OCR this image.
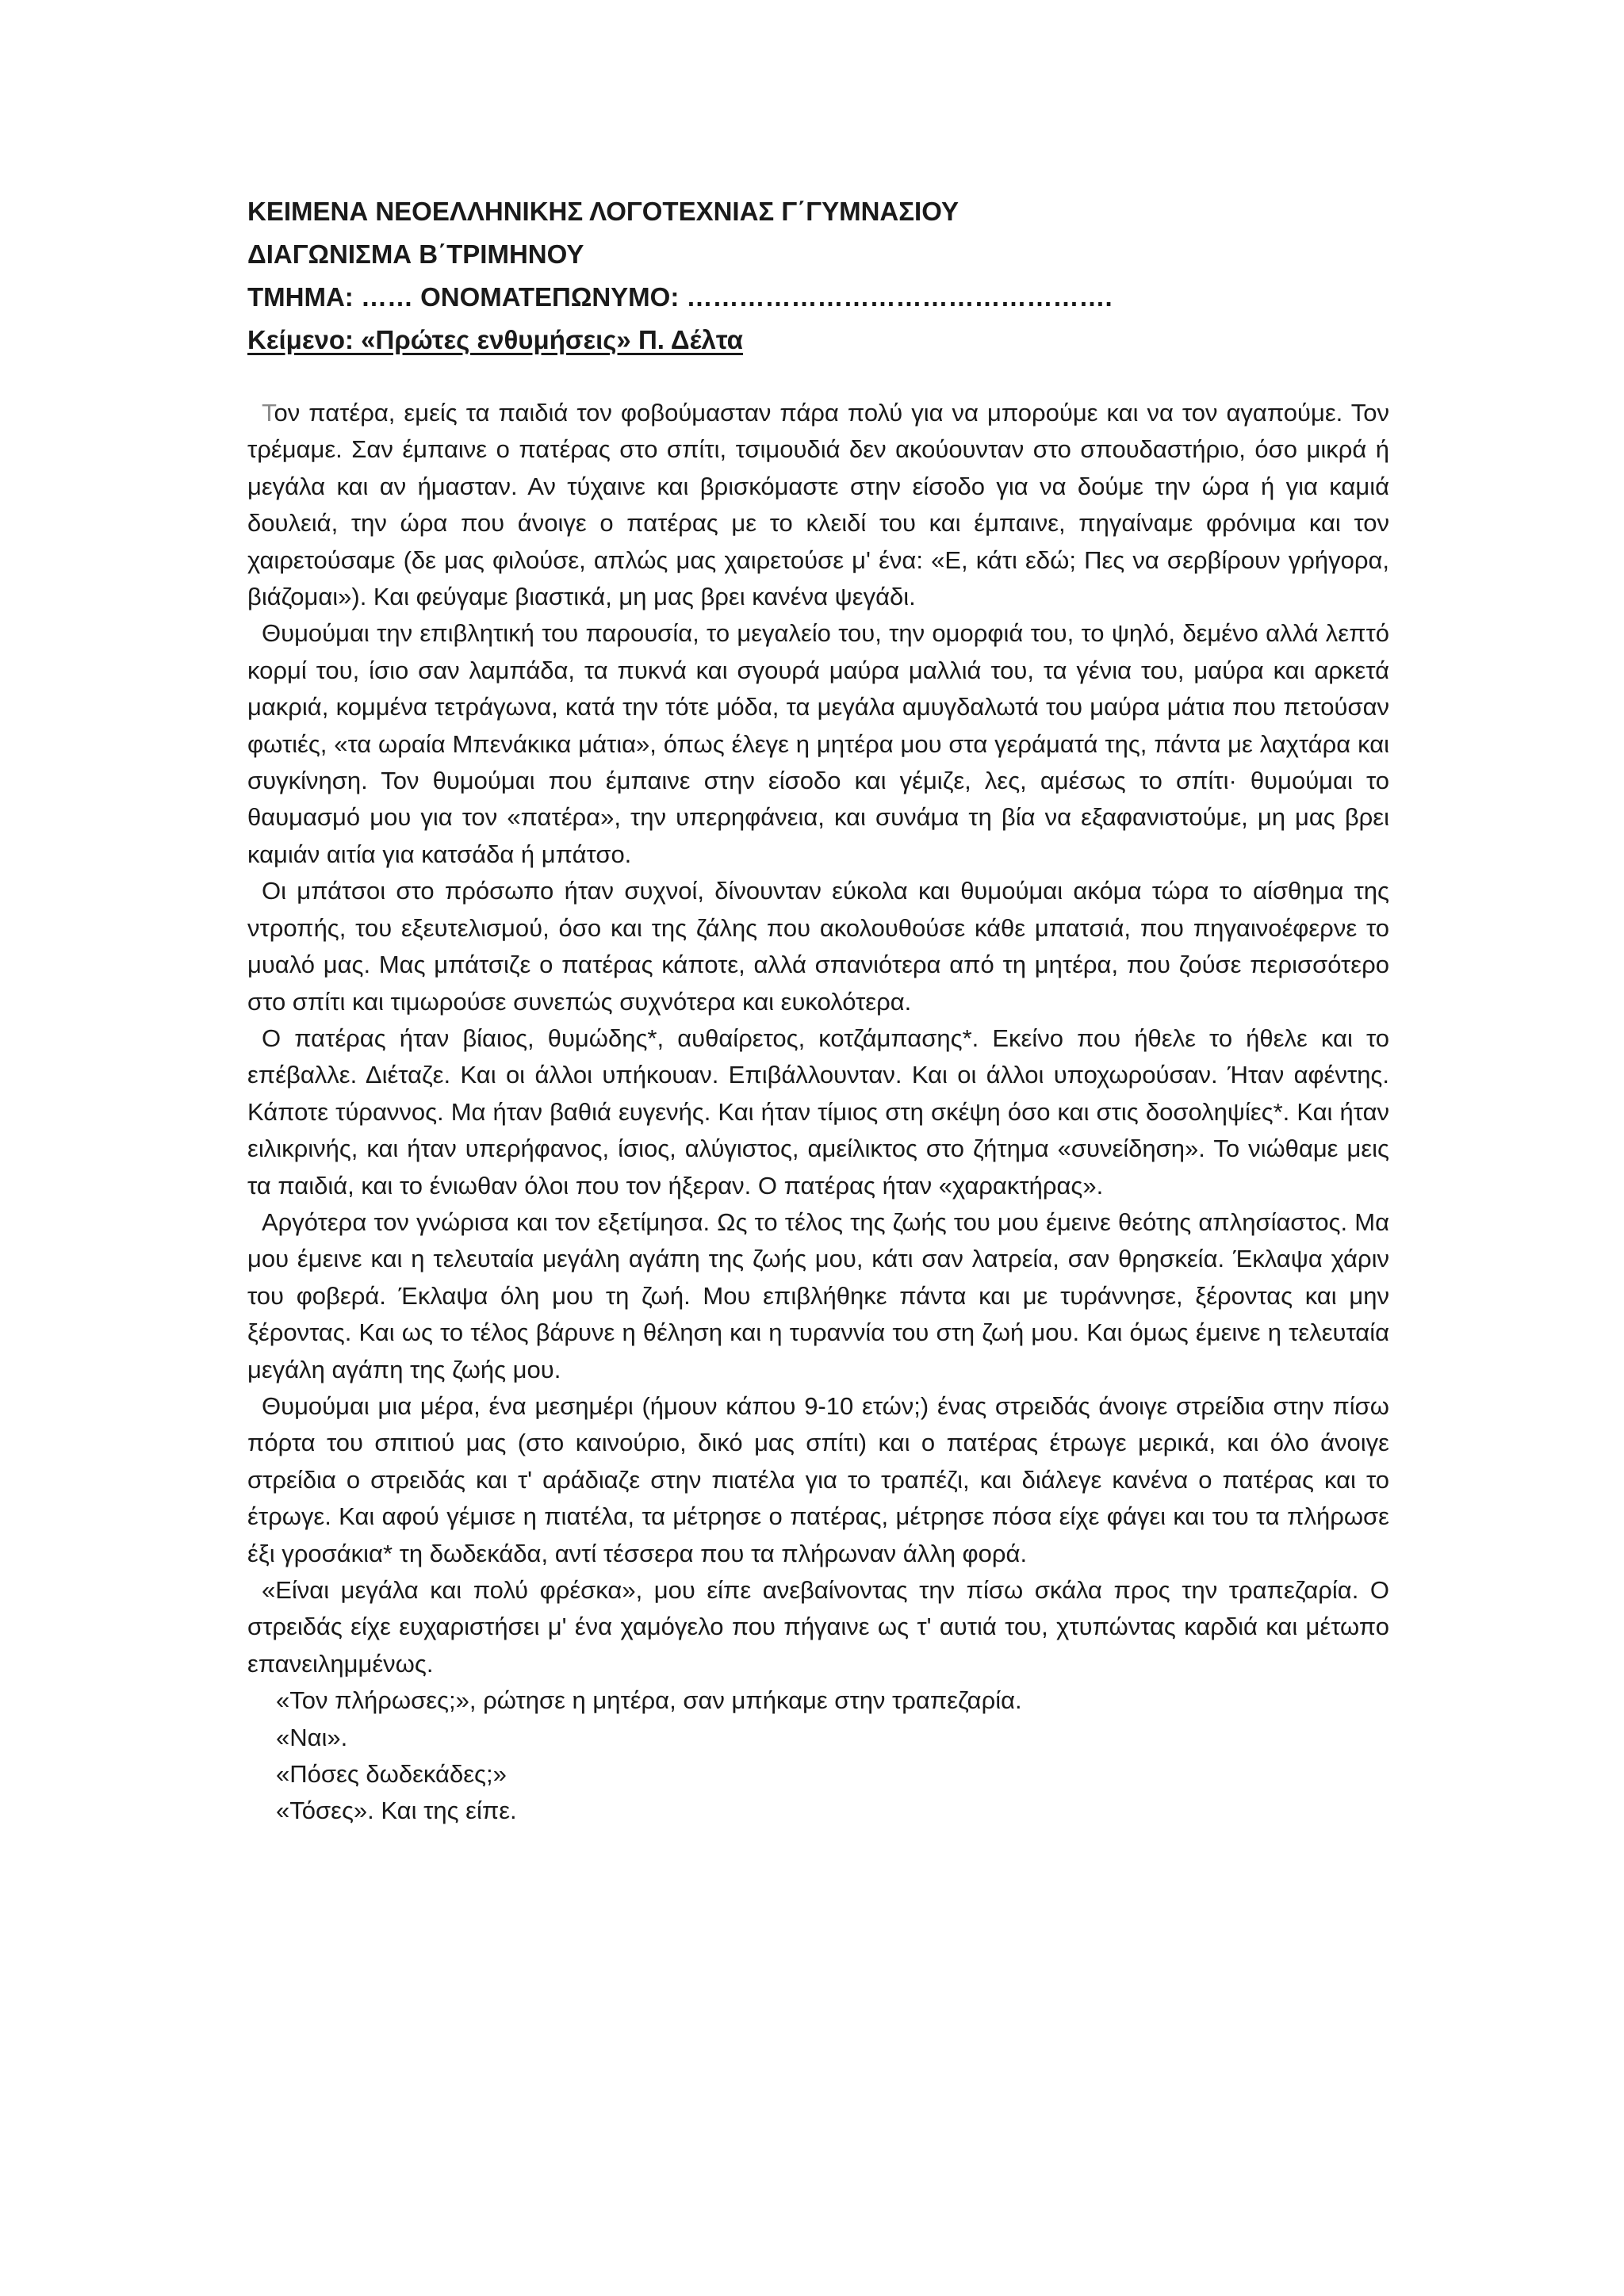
ΚΕΙΜΕΝΑ ΝΕΟΕΛΛΗΝΙΚΗΣ ΛΟΓΟΤΕΧΝΙΑΣ Γ΄ΓΥΜΝΑΣΙΟΥ

ΔΙΑΓΩΝΙΣΜΑ Β΄ΤΡΙΜΗΝΟΥ

ΤΜΗΜΑ: …… ΟΝΟΜΑΤΕΠΩΝΥΜΟ: ………………………………………….

Κείμενο: «Πρώτες ενθυμήσεις» Π. Δέλτα

Τον πατέρα, εμείς τα παιδιά τον φοβούμασταν πάρα πολύ για να μπορούμε και να τον αγαπούμε. Τον τρέμαμε. Σαν έμπαινε ο πατέρας στο σπίτι, τσιμουδιά δεν ακούουνταν στο σπουδαστήριο, όσο μικρά ή μεγάλα και αν ήμασταν. Αν τύχαινε και βρισκόμαστε στην είσοδο για να δούμε την ώρα ή για καμιά δουλειά, την ώρα που άνοιγε ο πατέρας με το κλειδί του και έμπαινε, πηγαίναμε φρόνιμα και τον χαιρετούσαμε (δε μας φιλούσε, απλώς μας χαιρετούσε μ' ένα: «Ε, κάτι εδώ; Πες να σερβίρουν γρήγορα, βιάζομαι»). Και φεύγαμε βιαστικά, μη μας βρει κανένα ψεγάδι.

Θυμούμαι την επιβλητική του παρουσία, το μεγαλείο του, την ομορφιά του, το ψηλό, δεμένο αλλά λεπτό κορμί του, ίσιο σαν λαμπάδα, τα πυκνά και σγουρά μαύρα μαλλιά του, τα γένια του, μαύρα και αρκετά μακριά, κομμένα τετράγωνα, κατά την τότε μόδα, τα μεγάλα αμυγδαλωτά του μαύρα μάτια που πετούσαν φωτιές, «τα ωραία Μπενάκικα μάτια», όπως έλεγε η μητέρα μου στα γεράματά της, πάντα με λαχτάρα και συγκίνηση. Τον θυμούμαι που έμπαινε στην είσοδο και γέμιζε, λες, αμέσως το σπίτι· θυμούμαι το θαυμασμό μου για τον «πατέρα», την υπερηφάνεια, και συνάμα τη βία να εξαφανιστούμε, μη μας βρει καμιάν αιτία για κατσάδα ή μπάτσο.

Οι μπάτσοι στο πρόσωπο ήταν συχνοί, δίνουνταν εύκολα και θυμούμαι ακόμα τώρα το αίσθημα της ντροπής, του εξευτελισμού, όσο και της ζάλης που ακολουθούσε κάθε μπατσιά, που πηγαινοέφερνε το μυαλό μας. Μας μπάτσιζε ο πατέρας κάποτε, αλλά σπανιότερα από τη μητέρα, που ζούσε περισσότερο στο σπίτι και τιμωρούσε συνεπώς συχνότερα και ευκολότερα.

Ο πατέρας ήταν βίαιος, θυμώδης*, αυθαίρετος, κοτζάμπασης*. Εκείνο που ήθελε το ήθελε και το επέβαλλε. Διέταζε. Και οι άλλοι υπήκουαν. Επιβάλλουνταν. Και οι άλλοι υποχωρούσαν. Ήταν αφέντης. Κάποτε τύραννος. Μα ήταν βαθιά ευγενής. Και ήταν τίμιος στη σκέψη όσο και στις δοσοληψίες*. Και ήταν ειλικρινής, και ήταν υπερήφανος, ίσιος, αλύγιστος, αμείλικτος στο ζήτημα «συνείδηση». Το νιώθαμε μεις τα παιδιά, και το ένιωθαν όλοι που τον ήξεραν. Ο πατέρας ήταν «χαρακτήρας».

Αργότερα τον γνώρισα και τον εξετίμησα. Ως το τέλος της ζωής του μου έμεινε θεότης απλησίαστος. Μα μου έμεινε και η τελευταία μεγάλη αγάπη της ζωής μου, κάτι σαν λατρεία, σαν θρησκεία. Έκλαψα χάριν του φοβερά. Έκλαψα όλη μου τη ζωή. Μου επιβλήθηκε πάντα και με τυράννησε, ξέροντας και μην ξέροντας. Και ως το τέλος βάρυνε η θέληση και η τυραννία του στη ζωή μου. Και όμως έμεινε η τελευταία μεγάλη αγάπη της ζωής μου.

Θυμούμαι μια μέρα, ένα μεσημέρι (ήμουν κάπου 9-10 ετών;) ένας στρειδάς άνοιγε στρείδια στην πίσω πόρτα του σπιτιού μας (στο καινούριο, δικό μας σπίτι) και ο πατέρας έτρωγε μερικά, και όλο άνοιγε στρείδια ο στρειδάς και τ' αράδιαζε στην πιατέλα για το τραπέζι, και διάλεγε κανένα ο πατέρας και το έτρωγε. Και αφού γέμισε η πιατέλα, τα μέτρησε ο πατέρας, μέτρησε πόσα είχε φάγει και του τα πλήρωσε έξι γροσάκια* τη δωδεκάδα, αντί τέσσερα που τα πλήρωναν άλλη φορά.

«Είναι μεγάλα και πολύ φρέσκα», μου είπε ανεβαίνοντας την πίσω σκάλα προς την τραπεζαρία. Ο στρειδάς είχε ευχαριστήσει μ' ένα χαμόγελο που πήγαινε ως τ' αυτιά του, χτυπώντας καρδιά και μέτωπο επανειλημμένως.

«Τον πλήρωσες;», ρώτησε η μητέρα, σαν μπήκαμε στην τραπεζαρία.

«Ναι».

«Πόσες δωδεκάδες;»

«Τόσες». Και της είπε.
